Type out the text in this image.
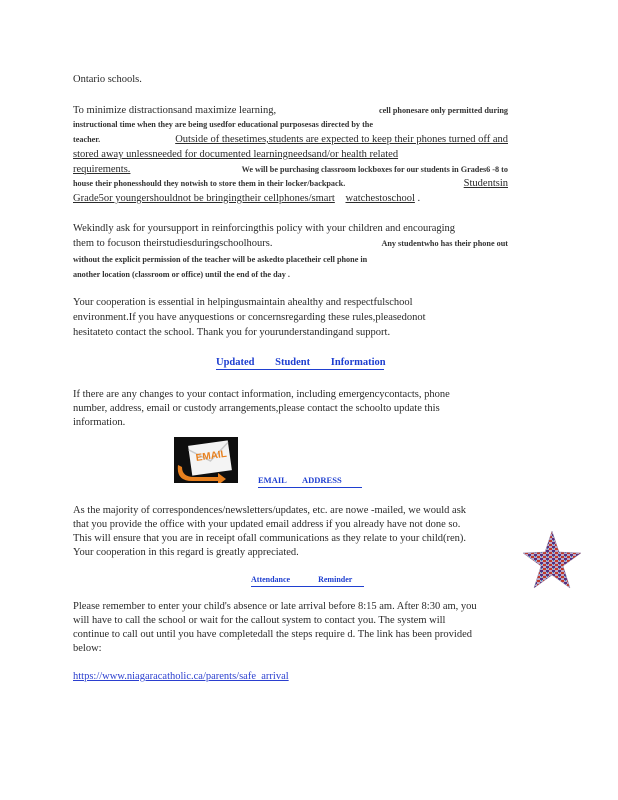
Ontario schools.
To minimize distractionsand maximize learning,	cell phonesare only permitted during
instructional time when they are being usedfor educational purposesas directed by the
teacher.	Outside of thesetimes,students are expected to keep their phones turned off and
stored away unlessneeded for documented learningneedsand/or health related
requirements.	We will be purchasing classroom lockboxes for our students in Grades6 -8 to
house their phonesshould they notwish to store them in their locker/backpack.	Studentsin
Grade5or youngershouldnot be bringingtheir cellphones/smart watchestoschool .
Wekindly ask for yoursupport in reinforcingthis policy with your children and encouraging
them to focuson theirstudiesduringschoolhours.	Any studentwho has their phone out
without the explicit permission of the teacher will be askedto placetheir cell phone in
another location (classroom or office) until the end of the day .
Your cooperation is essential in helpingusmaintain ahealthy and respectfulschool
environment.If you have anyquestions or concernsregarding these rules,pleasedonot
hesitateto contact the school. Thank you for yourunderstandingand support.
Updated Student Information
If there are any changes to your contact information, including emergencycontacts, phone
number, address, email or custody arrangements,please contact the schoolto update this
information.
EMAIL
EMAIL ADDRESS
As the majority of correspondences/newsletters/updates, etc. are nowe -mailed, we would ask
that you provide the office with your updated email address if you already have not done so.
This will ensure that you are in receipt ofall communications as they relate to your child(ren).
Your cooperation in this regard is greatly appreciated.
Attendance Reminder
Please remember to enter your child's absence or late arrival before 8:15 am. After 8:30 am, you
will have to call the school or wait for the callout system to contact you. The system will
continue to call out until you have completedall the steps require d. The link has been provided
below:
https://www.niagaracatholic.ca/parents/safe_arrival
